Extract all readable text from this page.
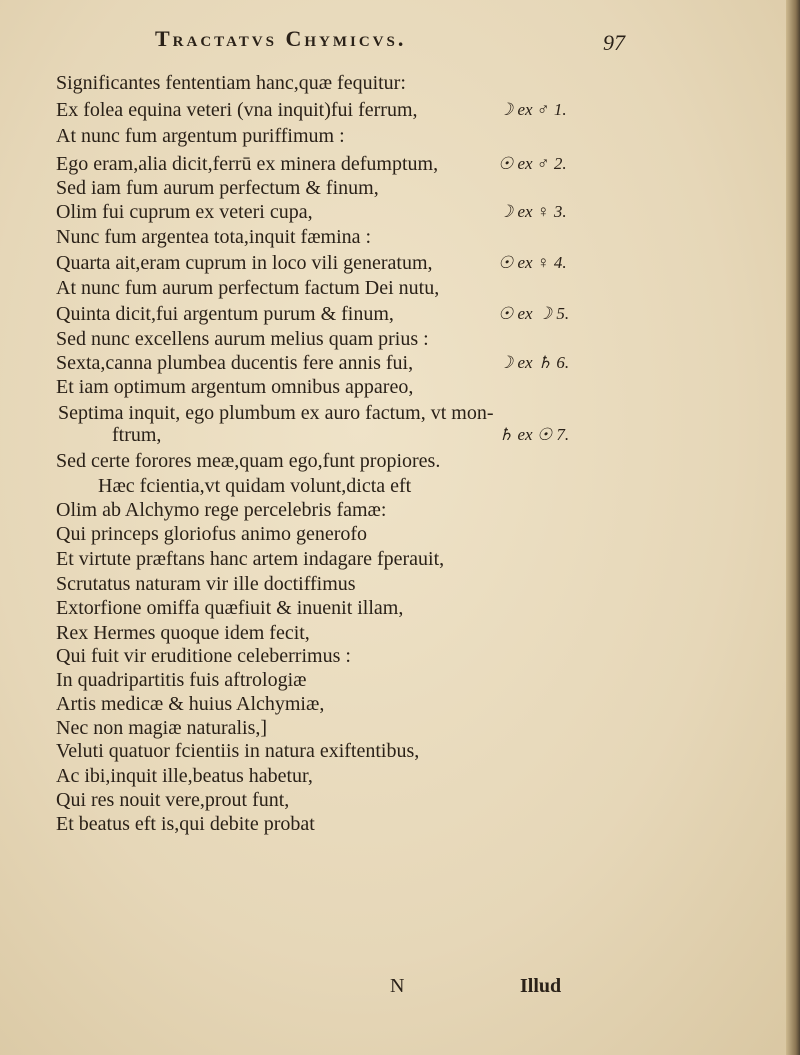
Tractatvs Chymicvs.	97
Significantes fententiam hanc,quæ fequitur:
Ex folea equina veteri (vna inquit)fui ferrum,	☽ ex ♂ 1.
At nunc fum argentum puriffimum :
Ego eram,alia dicit,ferrū ex minera defumptum,	☉ ex ♂ 2.
Sed iam fum aurum perfectum & finum,
Olim fui cuprum ex veteri cupa,	☽ ex ♀ 3.
Nunc fum argentea tota,inquit fæmina :
Quarta ait,eram cuprum in loco vili generatum,	☉ ex ♀ 4.
At nunc fum aurum perfectum factum Dei nutu,
Quinta dicit,fui argentum purum & finum,	☉ ex ☽ 5.
Sed nunc excellens aurum melius quam prius :
Sexta,canna plumbea ducentis fere annis fui,	☽ ex ♄ 6.
Et iam optimum argentum omnibus appareo,
Septima inquit, ego plumbum ex auro factum, vt mon-
ftrum,	♄ ex ☉ 7.
Sed certe forores meæ,quam ego,funt propiores.
Hæc fcientia,vt quidam volunt,dicta eft
Olim ab Alchymo rege percelebris famæ:
Qui princeps gloriofus animo generofo
Et virtute præftans hanc artem indagare fperauit,
Scrutatus naturam vir ille doctiffimus
Extorfione omiffa quæfiuit & inuenit illam,
Rex Hermes quoque idem fecit,
Qui fuit vir eruditione celeberrimus :
In quadripartitis fuis aftrologiæ
Artis medicæ & huius Alchymiæ,
Nec non magiæ naturalis,]
Veluti quatuor fcientiis in natura exiftentibus,
Ac ibi,inquit ille,beatus habetur,
Qui res nouit vere,prout funt,
Et beatus eft is,qui debite probat
N	Illud
